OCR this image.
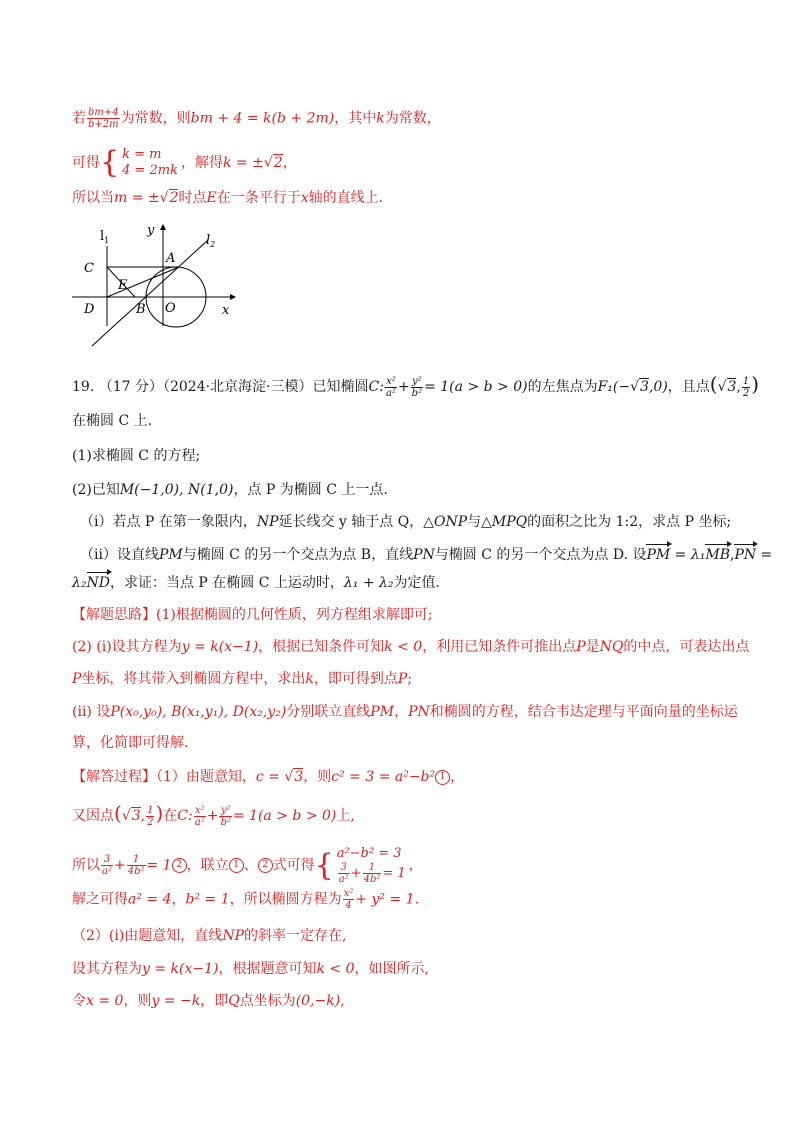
若 $\frac{bm+4}{b+2m}$ 为常数，则bm + 4 = k(b + 2m)，其中k为常数，
可得{ k = m
4 = 2mk ，解得k = ±√2，
所以当m = ±√2时点E在一条平行于x轴的直线上.
$l_1$
y
$l_2$
A
C
E
D	B O	x
19. （17 分）（2024·北京海淀·三模）已知椭圆C: $\frac{\text{x²}}{\text{a²}} + \frac{\text{y²}}{\text{b²}} = 1(a > b > 0)$的左焦点为F₁(−√3,0)，且点(√3, $\frac{1}{2}$ )
在椭圆 C 上.
(1)求椭圆 C 的方程;
(2)已知M(−1,0), N(1,0)，点 P 为椭圆 C 上一点.
（i）若点 P 在第一象限内，NP延长线交 y 轴于点 Q，△ONP与△MPQ的面积之比为 1:2，求点 P 坐标;
（ii）设直线PM与椭圆 C 的另一个交点为点 B，直线PN与椭圆 C 的另一个交点为点 D. 设PM = λ₁MB,PN =
λ₂ND，求证：当点 P 在椭圆 C 上运动时，λ₁ + λ₂为定值.
【解题思路】(1)根据椭圆的几何性质，列方程组求解即可;
(2) (i)设其方程为y = k(x−1)，根据已知条件可知k < 0，利用已知条件可推出点P是NQ的中点，可表达出点
P坐标，将其带入到椭圆方程中，求出k，即可得到点P;
(ii) 设P(x₀,y₀), B(x₁,y₁), D(x₂,y₂)分别联立直线PM，PN和椭圆的方程，结合韦达定理与平面向量的坐标运
算，化简即可得解.
【解答过程】（1）由题意知，c = √3，则c² = 3 = a²−b² 1 ，
又因点(√3, $\frac{1}{2}$ )在C: $\frac{\text{x²}}{\text{a²}} + \frac{\text{y²}}{\text{b²}} = 1(a > b > 0)$上,
所以 $\frac{3}{\text{a²}} + \frac{1}{\text{4b²}} = 1$ 2 ，联立 1 、 2 式可得{ a²−b² = 3
$\frac{3}{\text{a²}} + \frac{1}{\text{4b²}} = 1$ ，
解之可得a² = 4，b² = 1，所以椭圆方程为 $\frac{\text{x²}}{4} + y^2 = 1$.
（2）(i)由题意知，直线NP的斜率一定存在,
设其方程为y = k(x−1)，根据题意可知k < 0，如图所示,
令x = 0，则y = −k，即Q点坐标为(0,−k),
